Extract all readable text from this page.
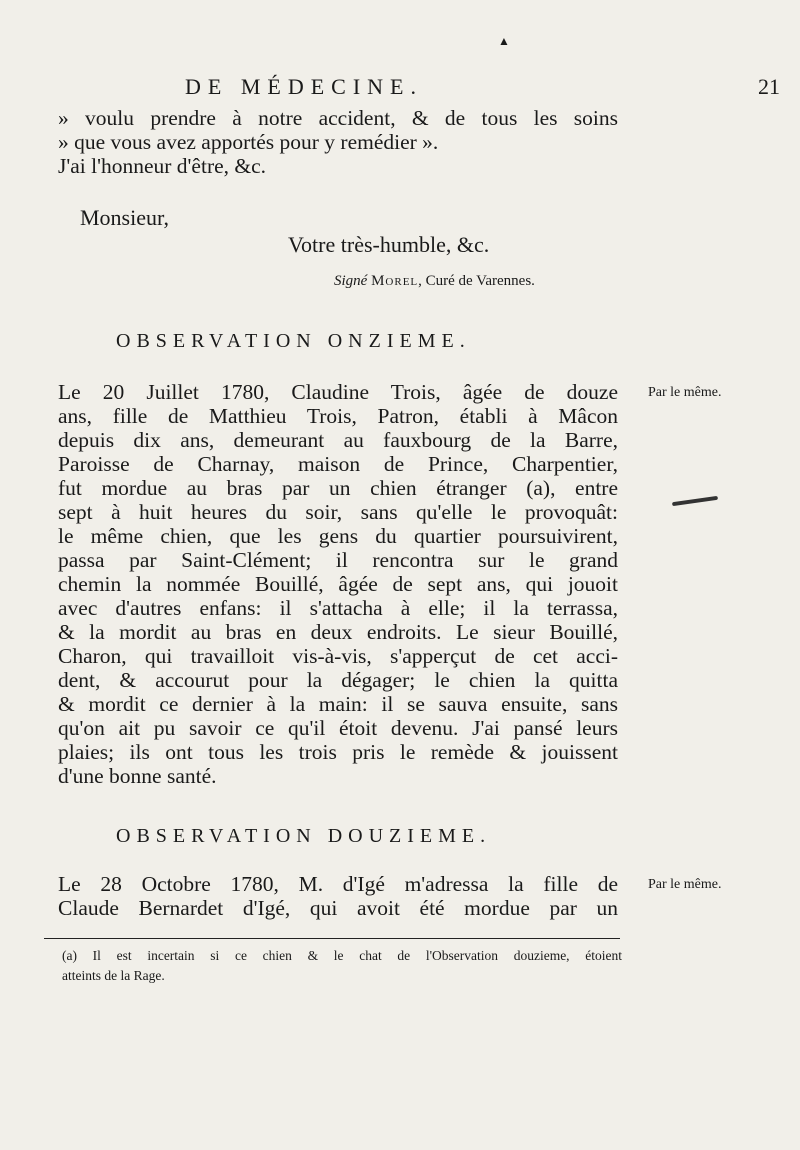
▲
DE MÉDECINE.	21
» voulu prendre à notre accident, & de tous les soins
» que vous avez apportés pour y remédier ».
J'ai l'honneur d'être, &c.
Monsieur,
Votre très-humble, &c.
Signé Morel, Curé de Varennes.
OBSERVATION ONZIEME.
Par le même.
Le 20 Juillet 1780, Claudine Trois, âgée de douze
ans, fille de Matthieu Trois, Patron, établi à Mâcon
depuis dix ans, demeurant au fauxbourg de la Barre,
Paroisse de Charnay, maison de Prince, Charpentier,
fut mordue au bras par un chien étranger (a), entre
sept à huit heures du soir, sans qu'elle le provoquât:
le même chien, que les gens du quartier poursuivirent,
passa par Saint-Clément; il rencontra sur le grand
chemin la nommée Bouillé, âgée de sept ans, qui jouoit
avec d'autres enfans: il s'attacha à elle; il la terrassa,
& la mordit au bras en deux endroits. Le sieur Bouillé,
Charon, qui travailloit vis-à-vis, s'apperçut de cet acci-
dent, & accourut pour la dégager; le chien la quitta
& mordit ce dernier à la main: il se sauva ensuite, sans
qu'on ait pu savoir ce qu'il étoit devenu. J'ai pansé leurs
plaies; ils ont tous les trois pris le remède & jouissent
d'une bonne santé.
OBSERVATION DOUZIEME.
Par le même.
Le 28 Octobre 1780, M. d'Igé m'adressa la fille de
Claude Bernardet d'Igé, qui avoit été mordue par un
(a) Il est incertain si ce chien & le chat de l'Observation douzieme, étoient
atteints de la Rage.
